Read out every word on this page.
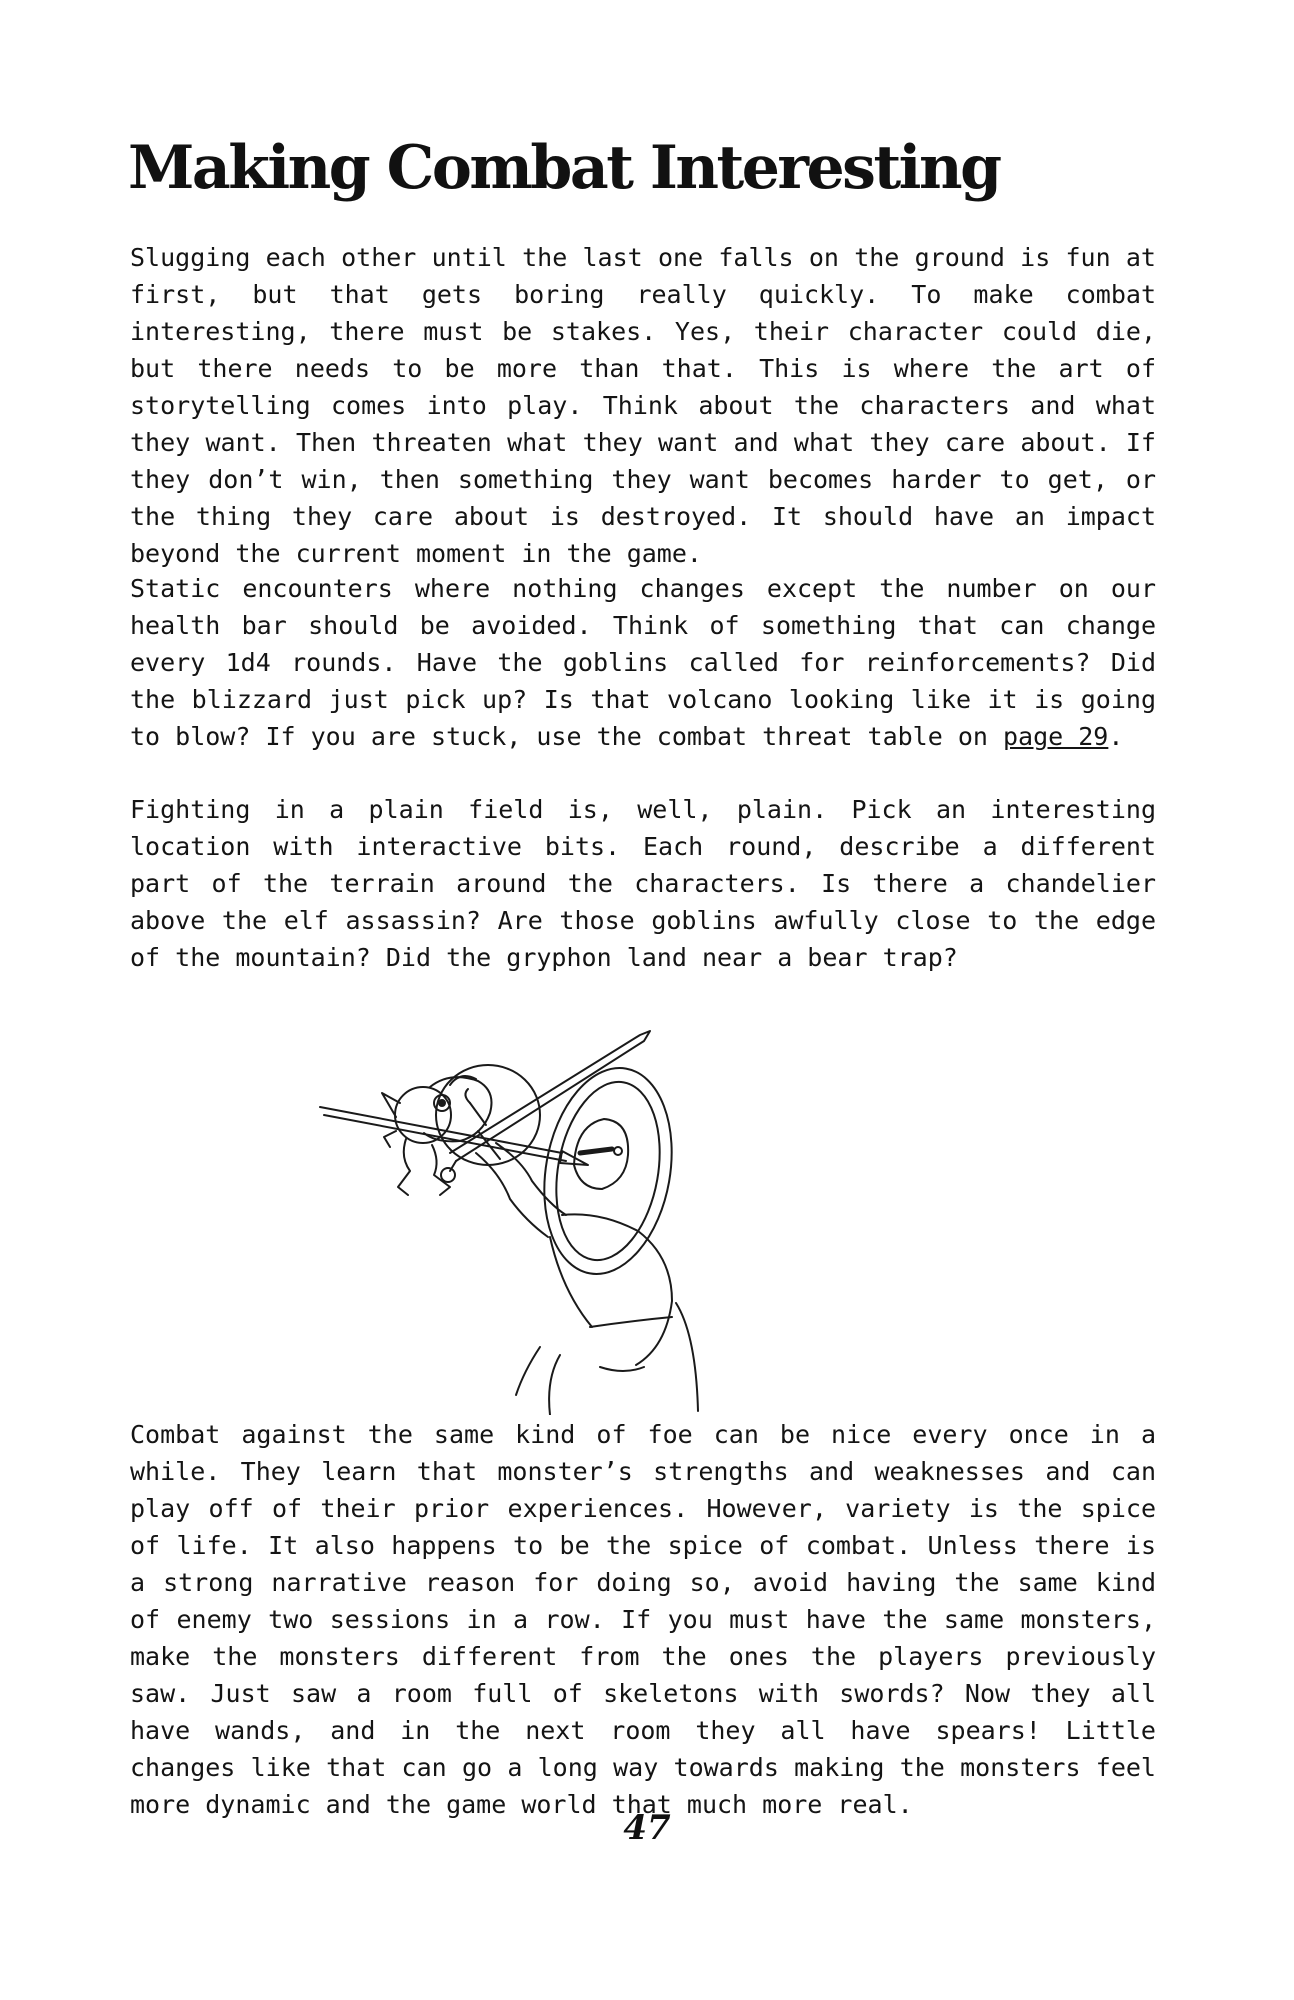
Making Combat Interesting

Slugging each other until the last one falls on the ground is fun at first, but that gets boring really quickly. To make combat interesting, there must be stakes. Yes, their character could die, but there needs to be more than that. This is where the art of storytelling comes into play. Think about the characters and what they want. Then threaten what they want and what they care about. If they don’t win, then something they want becomes harder to get, or the thing they care about is destroyed. It should have an impact beyond the current moment in the game.

Static encounters where nothing changes except the number on our health bar should be avoided. Think of something that can change every 1d4 rounds. Have the goblins called for reinforcements? Did the blizzard just pick up? Is that volcano looking like it is going to blow? If you are stuck, use the combat threat table on page 29.

Fighting in a plain field is, well, plain. Pick an interesting location with interactive bits. Each round, describe a different part of the terrain around the characters. Is there a chandelier above the elf assassin? Are those goblins awfully close to the edge of the mountain? Did the gryphon land near a bear trap?

Combat against the same kind of foe can be nice every once in a while. They learn that monster’s strengths and weaknesses and can play off of their prior experiences. However, variety is the spice of life. It also happens to be the spice of combat. Unless there is a strong narrative reason for doing so, avoid having the same kind of enemy two sessions in a row. If you must have the same monsters, make the monsters different from the ones the players previously saw. Just saw a room full of skeletons with swords? Now they all have wands, and in the next room they all have spears! Little changes like that can go a long way towards making the monsters feel more dynamic and the game world that much more real.

47
